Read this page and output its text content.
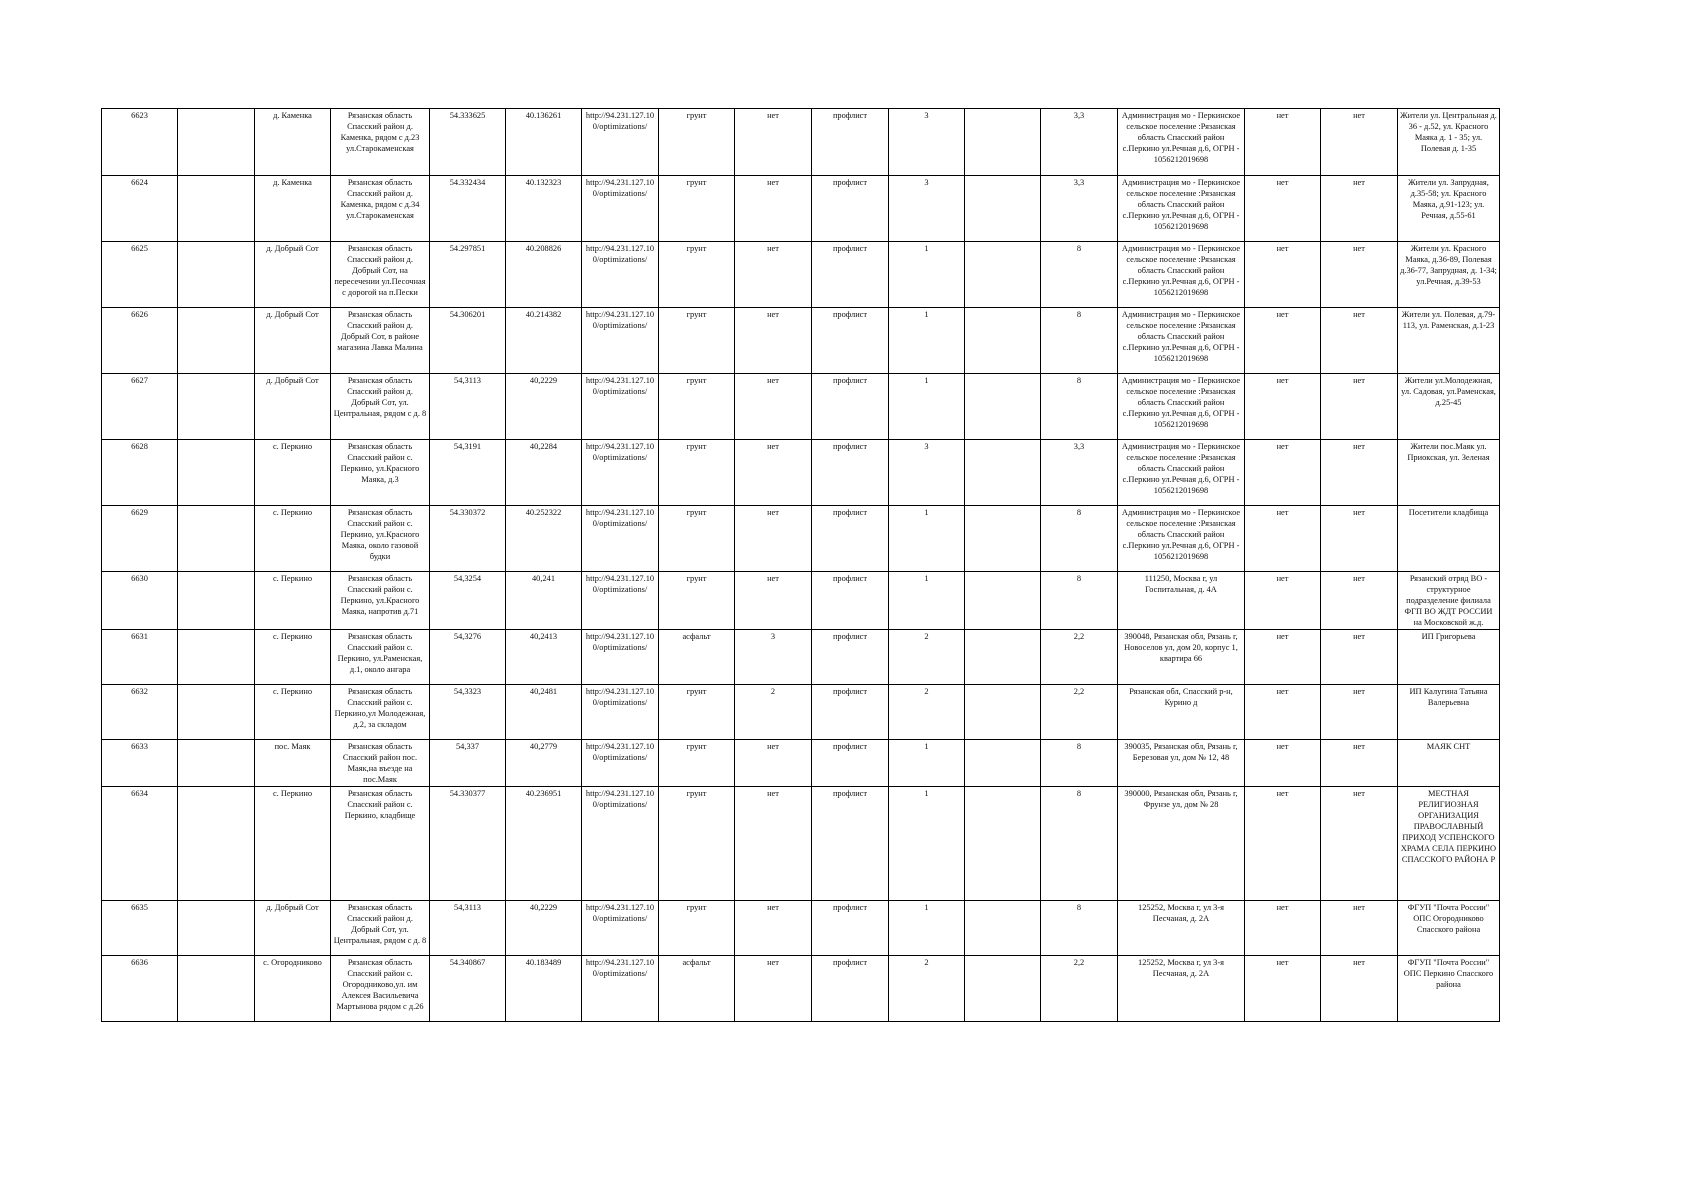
6623		д. Каменка	Рязанская область Спасский район д. Каменка, рядом с д.23 ул.Старокаменская	54.333625	40.136261	http://94.231.127.100/optimizations/	грунт	нет	профлист	3		3,3	Администрация мо - Перкинское сельское поселение :Рязанская область Спасский район с.Перкино ул.Речная д.6, ОГРН - 1056212019698	нет	нет	Жители ул. Центральная д. 36 - д.52, ул. Красного Маяка д. 1 - 35; ул. Полевая д. 1-35
6624		д. Каменка	Рязанская область Спасский район д. Каменка, рядом с д.34 ул.Старокаменская	54.332434	40.132323	http://94.231.127.100/optimizations/	грунт	нет	профлист	3		3,3	Администрация мо - Перкинское сельское поселение :Рязанская область Спасский район с.Перкино ул.Речная д.6, ОГРН - 1056212019698	нет	нет	Жители ул. Запрудная, д.35-58; ул. Красного Маяка, д.91-123; ул. Речная, д.55-61
6625		д. Добрый Сот	Рязанская область Спасский район д. Добрый Сот, на пересечении ул.Песочная с дорогой на п.Пески	54.297851	40.208826	http://94.231.127.100/optimizations/	грунт	нет	профлист	1		8	Администрация мо - Перкинское сельское поселение :Рязанская область Спасский район с.Перкино ул.Речная д.6, ОГРН - 1056212019698	нет	нет	Жители ул. Красного Маяка, д.36-89, Полевая д.36-77, Запрудная, д. 1-34; ул.Речная, д.39-53
6626		д. Добрый Сот	Рязанская область Спасский район д. Добрый Сот, в районе магазина Лавка Малина	54.306201	40.214382	http://94.231.127.100/optimizations/	грунт	нет	профлист	1		8	Администрация мо - Перкинское сельское поселение :Рязанская область Спасский район с.Перкино ул.Речная д.6, ОГРН - 1056212019698	нет	нет	Жители ул. Полевая, д.79-113, ул. Раменская, д.1-23
6627		д. Добрый Сот	Рязанская область Спасский район д. Добрый Сот, ул. Центральная, рядом с д. 8	54,3113	40,2229	http://94.231.127.100/optimizations/	грунт	нет	профлист	1		8	Администрация мо - Перкинское сельское поселение :Рязанская область Спасский район с.Перкино ул.Речная д.6, ОГРН - 1056212019698	нет	нет	Жители ул.Молодежная, ул. Садовая, ул.Раменская, д.25-45
6628		с. Перкино	Рязанская область Спасский район с. Перкино, ул.Красного Маяка, д.3	54,3191	40,2284	http://94.231.127.100/optimizations/	грунт	нет	профлист	3		3,3	Администрация мо - Перкинское сельское поселение :Рязанская область Спасский район с.Перкино ул.Речная д.6, ОГРН - 1056212019698	нет	нет	Жители пос.Маяк ул. Приокская, ул. Зеленая
6629		с. Перкино	Рязанская область Спасский район с. Перкино, ул.Красного Маяка, около газовой будки	54.330372	40.252322	http://94.231.127.100/optimizations/	грунт	нет	профлист	1		8	Администрация мо - Перкинское сельское поселение :Рязанская область Спасский район с.Перкино ул.Речная д.6, ОГРН - 1056212019698	нет	нет	Посетители кладбища
6630		с. Перкино	Рязанская область Спасский район с. Перкино, ул.Красного Маяка, напротив д.71	54,3254	40,241	http://94.231.127.100/optimizations/	грунт	нет	профлист	1		8	111250, Москва г, ул Госпитальная, д. 4А	нет	нет	Рязанский отряд ВО - структурное подразделение филиала ФГП ВО ЖДТ РОССИИ на Московской ж.д.
6631		с. Перкино	Рязанская область Спасский район с. Перкино, ул.Раменская, д.1, около ангара	54,3276	40,2413	http://94.231.127.100/optimizations/	асфальт	3	профлист	2		2,2	390048, Рязанская обл, Рязань г, Новоселов ул, дом 20, корпус 1, квартира 66	нет	нет	ИП Григорьева
6632		с. Перкино	Рязанская область Спасский район с. Перкино,ул Молодежная, д.2, за складом	54,3323	40,2481	http://94.231.127.100/optimizations/	грунт	2	профлист	2		2,2	Рязанская обл, Спасский р-н, Курино д	нет	нет	ИП Калугина Татьяна Валерьевна
6633		пос. Маяк	Рязанская область Спасский район пос. Маяк,на въезде на пос.Маяк	54,337	40,2779	http://94.231.127.100/optimizations/	грунт	нет	профлист	1		8	390035, Рязанская обл, Рязань г, Березовая ул, дом № 12, 48	нет	нет	МАЯК СНТ
6634		с. Перкино	Рязанская область Спасский район с. Перкино, кладбище	54.330377	40.236951	http://94.231.127.100/optimizations/	грунт	нет	профлист	1		8	390000, Рязанская обл, Рязань г, Фрунзе ул, дом № 28	нет	нет	МЕСТНАЯ РЕЛИГИОЗНАЯ ОРГАНИЗАЦИЯ ПРАВОСЛАВНЫЙ ПРИХОД УСПЕНСКОГО ХРАМА СЕЛА ПЕРКИНО СПАССКОГО РАЙОНА Р
6635		д. Добрый Сот	Рязанская область Спасский район д. Добрый Сот, ул. Центральная, рядом с д. 8	54,3113	40,2229	http://94.231.127.100/optimizations/	грунт	нет	профлист	1		8	125252, Москва г, ул 3-я Песчаная, д. 2А	нет	нет	ФГУП "Почта России" ОПС Огородниково Спасского района
6636		с. Огородниково	Рязанская область Спасский район с. Огородниково,ул. им Алексея Васильевича Мартынова рядом с д.26	54.340867	40.183489	http://94.231.127.100/optimizations/	асфальт	нет	профлист	2		2,2	125252, Москва г, ул 3-я Песчаная, д. 2А	нет	нет	ФГУП "Почта России" ОПС Перкино Спасского района
